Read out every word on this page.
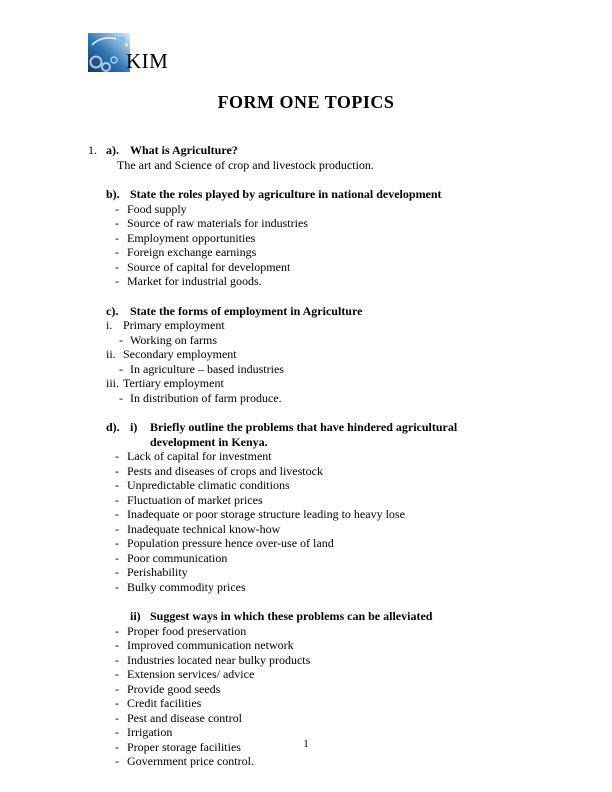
KIM
FORM ONE TOPICS
1. a). What is Agriculture?
The art and Science of crop and livestock production.
b). State the roles played by agriculture in national development
- Food supply
- Source of raw materials for industries
- Employment opportunities
- Foreign exchange earnings
- Source of capital for development
- Market for industrial goods.
c). State the forms of employment in Agriculture
i. Primary employment
- Working on farms
ii. Secondary employment
- In agriculture – based industries
iii. Tertiary employment
- In distribution of farm produce.
d). i)	Briefly outline the problems that have hindered agricultural development in Kenya.
- Lack of capital for investment
- Pests and diseases of crops and livestock
- Unpredictable climatic conditions
- Fluctuation of market prices
- Inadequate or poor storage structure leading to heavy lose
- Inadequate technical know-how
- Population pressure hence over-use of land
- Poor communication
- Perishability
- Bulky commodity prices
ii) Suggest ways in which these problems can be alleviated
- Proper food preservation
- Improved communication network
- Industries located near bulky products
- Extension services/ advice
- Provide good seeds
- Credit facilities
- Pest and disease control
- Irrigation
- Proper storage facilities
- Government price control.
1
